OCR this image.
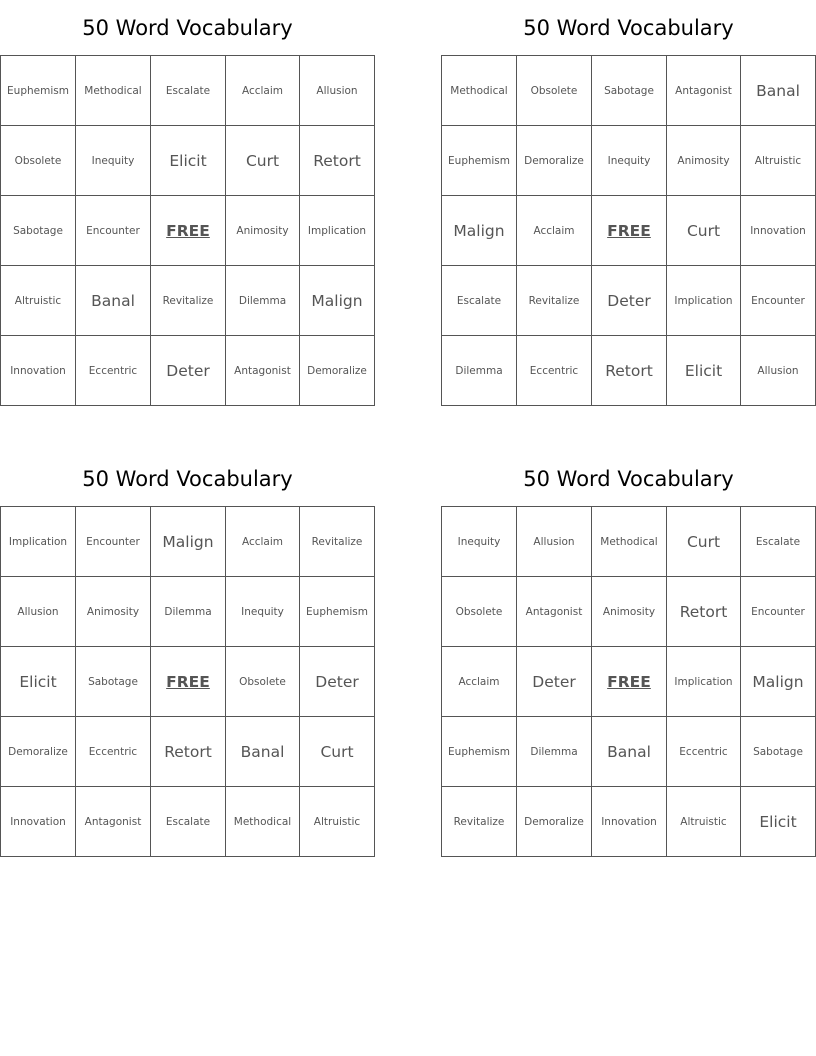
50 Word Vocabulary
Euphemism	Methodical	Escalate	Acclaim	Allusion
Obsolete	Inequity	Elicit	Curt	Retort
Sabotage	Encounter	FREE	Animosity	Implication
Altruistic	Banal	Revitalize	Dilemma	Malign
Innovation	Eccentric	Deter	Antagonist	Demoralize
50 Word Vocabulary
Methodical	Obsolete	Sabotage	Antagonist	Banal
Euphemism	Demoralize	Inequity	Animosity	Altruistic
Malign	Acclaim	FREE	Curt	Innovation
Escalate	Revitalize	Deter	Implication	Encounter
Dilemma	Eccentric	Retort	Elicit	Allusion
50 Word Vocabulary
Implication	Encounter	Malign	Acclaim	Revitalize
Allusion	Animosity	Dilemma	Inequity	Euphemism
Elicit	Sabotage	FREE	Obsolete	Deter
Demoralize	Eccentric	Retort	Banal	Curt
Innovation	Antagonist	Escalate	Methodical	Altruistic
50 Word Vocabulary
Inequity	Allusion	Methodical	Curt	Escalate
Obsolete	Antagonist	Animosity	Retort	Encounter
Acclaim	Deter	FREE	Implication	Malign
Euphemism	Dilemma	Banal	Eccentric	Sabotage
Revitalize	Demoralize	Innovation	Altruistic	Elicit
